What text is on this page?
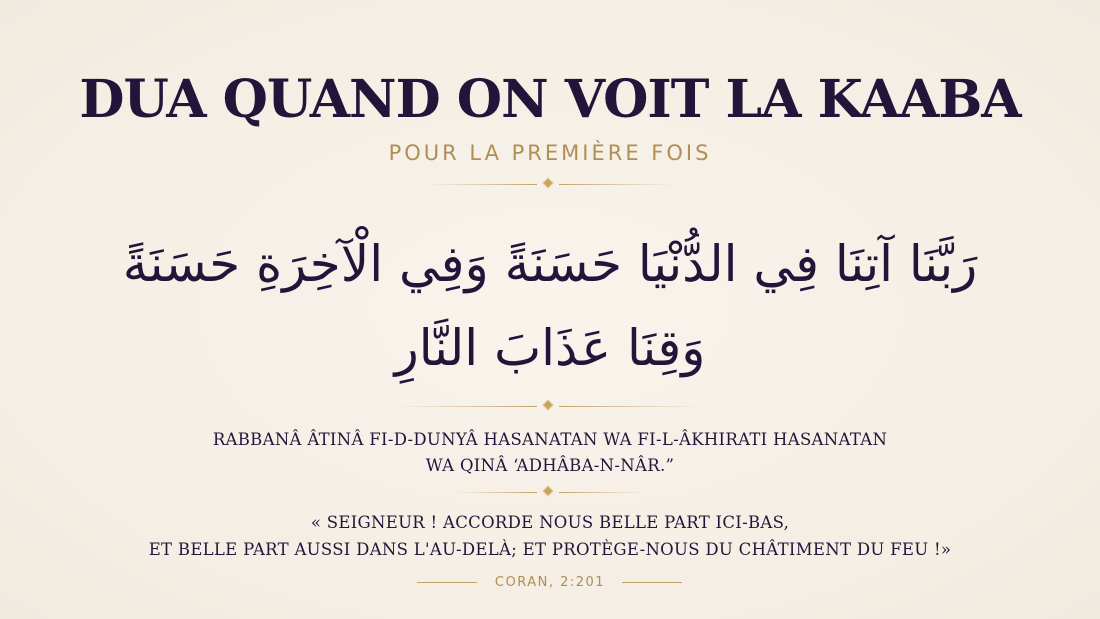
DUA QUAND ON VOIT LA KAABA
POUR LA PREMIÈRE FOIS
رَبَّنَا آتِنَا فِي الدُّنْيَا حَسَنَةً وَفِي الْآخِرَةِ حَسَنَةً
وَقِنَا عَذَابَ النَّارِ
RABBANÂ ÂTINÂ FI-D-DUNYÂ HASANATAN WA FI-L-ÂKHIRATI HASANATAN
WA QINÂ ‘ADHÂBA-N-NÂR.”
« SEIGNEUR ! ACCORDE NOUS BELLE PART ICI-BAS,
ET BELLE PART AUSSI DANS L'AU-DELÀ; ET PROTÈGE-NOUS DU CHÂTIMENT DU FEU !»
CORAN, 2:201
